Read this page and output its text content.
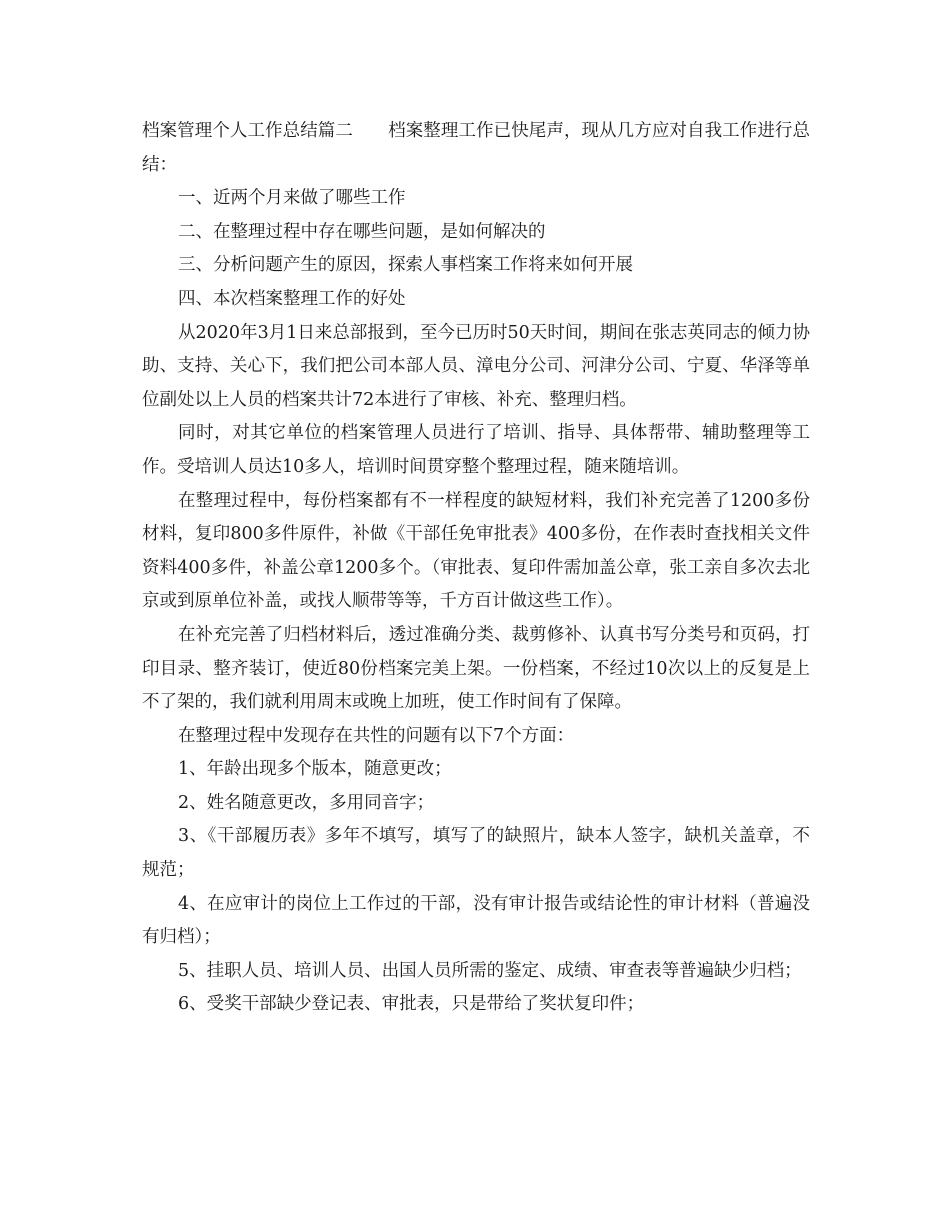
档案管理个人工作总结篇二　　档案整理工作已快尾声，现从几方应对自我工作进行总结：

一、近两个月来做了哪些工作

二、在整理过程中存在哪些问题，是如何解决的

三、分析问题产生的原因，探索人事档案工作将来如何开展

四、本次档案整理工作的好处

从2020年3月1日来总部报到，至今已历时50天时间，期间在张志英同志的倾力协助、支持、关心下，我们把公司本部人员、漳电分公司、河津分公司、宁夏、华泽等单位副处以上人员的档案共计72本进行了审核、补充、整理归档。

同时，对其它单位的档案管理人员进行了培训、指导、具体帮带、辅助整理等工作。受培训人员达10多人，培训时间贯穿整个整理过程，随来随培训。

在整理过程中，每份档案都有不一样程度的缺短材料，我们补充完善了1200多份材料，复印800多件原件，补做《干部任免审批表》400多份，在作表时查找相关文件资料400多件，补盖公章1200多个。（审批表、复印件需加盖公章，张工亲自多次去北京或到原单位补盖，或找人顺带等等，千方百计做这些工作）。

在补充完善了归档材料后，透过准确分类、裁剪修补、认真书写分类号和页码，打印目录、整齐装订，使近80份档案完美上架。一份档案，不经过10次以上的反复是上不了架的，我们就利用周末或晚上加班，使工作时间有了保障。

在整理过程中发现存在共性的问题有以下7个方面：

1、年龄出现多个版本，随意更改；

2、姓名随意更改，多用同音字；

3、《干部履历表》多年不填写，填写了的缺照片，缺本人签字，缺机关盖章，不规范；

4、在应审计的岗位上工作过的干部，没有审计报告或结论性的审计材料（普遍没有归档）；

5、挂职人员、培训人员、出国人员所需的鉴定、成绩、审查表等普遍缺少归档；

6、受奖干部缺少登记表、审批表，只是带给了奖状复印件；
